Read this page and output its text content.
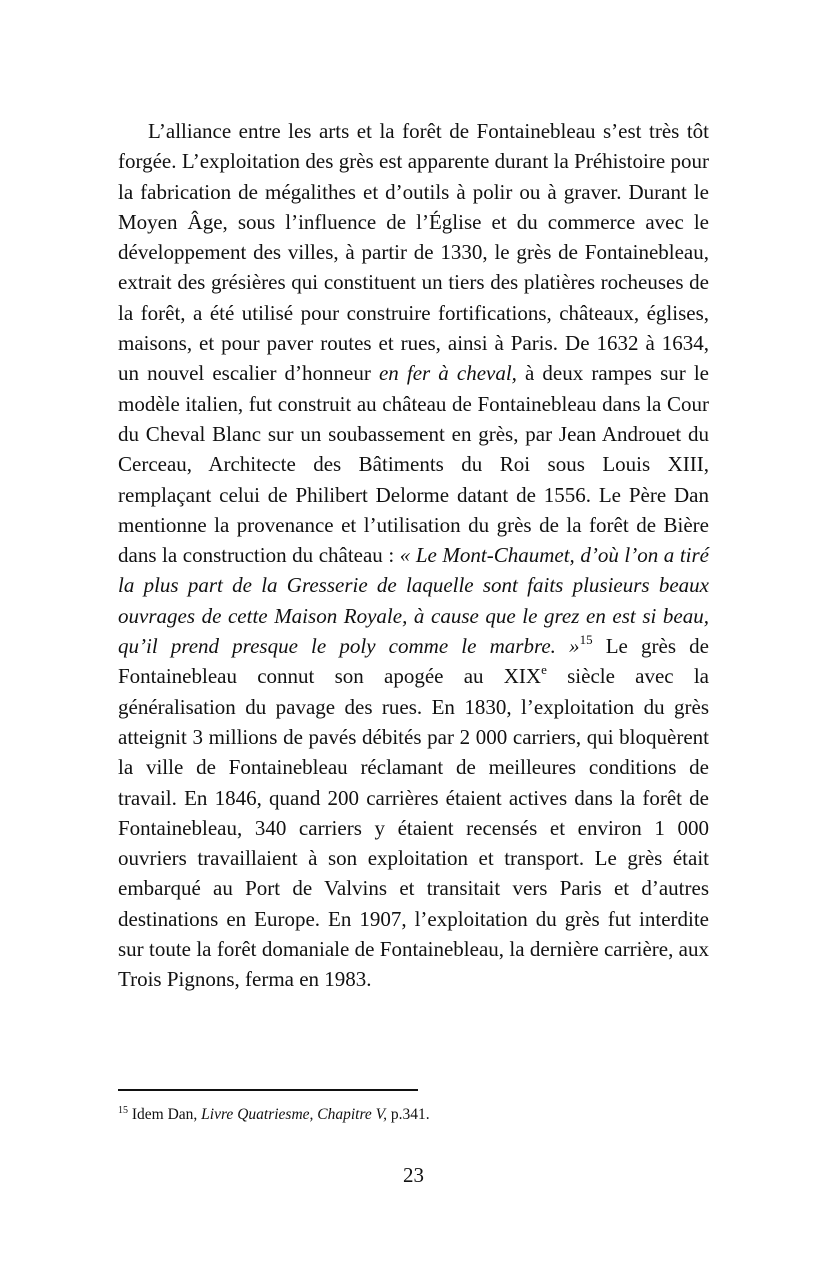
L’alliance entre les arts et la forêt de Fontainebleau s’est très tôt forgée. L’exploitation des grès est apparente durant la Préhistoire pour la fabrication de mégalithes et d’outils à polir ou à graver. Durant le Moyen Âge, sous l’influence de l’Église et du commerce avec le développement des villes, à partir de 1330, le grès de Fontainebleau, extrait des grésières qui constituent un tiers des platières rocheuses de la forêt, a été utilisé pour construire fortifications, châteaux, églises, maisons, et pour paver routes et rues, ainsi à Paris. De 1632 à 1634, un nouvel escalier d’honneur en fer à cheval, à deux rampes sur le modèle italien, fut construit au château de Fontainebleau dans la Cour du Cheval Blanc sur un soubassement en grès, par Jean Androuet du Cerceau, Architecte des Bâtiments du Roi sous Louis XIII, remplaçant celui de Philibert Delorme datant de 1556. Le Père Dan mentionne la provenance et l’utilisation du grès de la forêt de Bière dans la construction du château : « Le Mont-Chaumet, d’où l’on a tiré la plus part de la Gresserie de laquelle sont faits plusieurs beaux ouvrages de cette Maison Royale, à cause que le grez en est si beau, qu’il prend presque le poly comme le marbre. »$^{15}$ Le grès de Fontainebleau connut son apogée au XIXe siècle avec la généralisation du pavage des rues. En 1830, l’exploitation du grès atteignit 3 millions de pavés débités par 2 000 carriers, qui bloquèrent la ville de Fontainebleau réclamant de meilleures conditions de travail. En 1846, quand 200 carrières étaient actives dans la forêt de Fontainebleau, 340 carriers y étaient recensés et environ 1 000 ouvriers travaillaient à son exploitation et transport. Le grès était embarqué au Port de Valvins et transitait vers Paris et d’autres destinations en Europe. En 1907, l’exploitation du grès fut interdite sur toute la forêt domaniale de Fontainebleau, la dernière carrière, aux Trois Pignons, ferma en 1983.

$^{15}$ Idem Dan, Livre Quatriesme, Chapitre V, p.341.

23
